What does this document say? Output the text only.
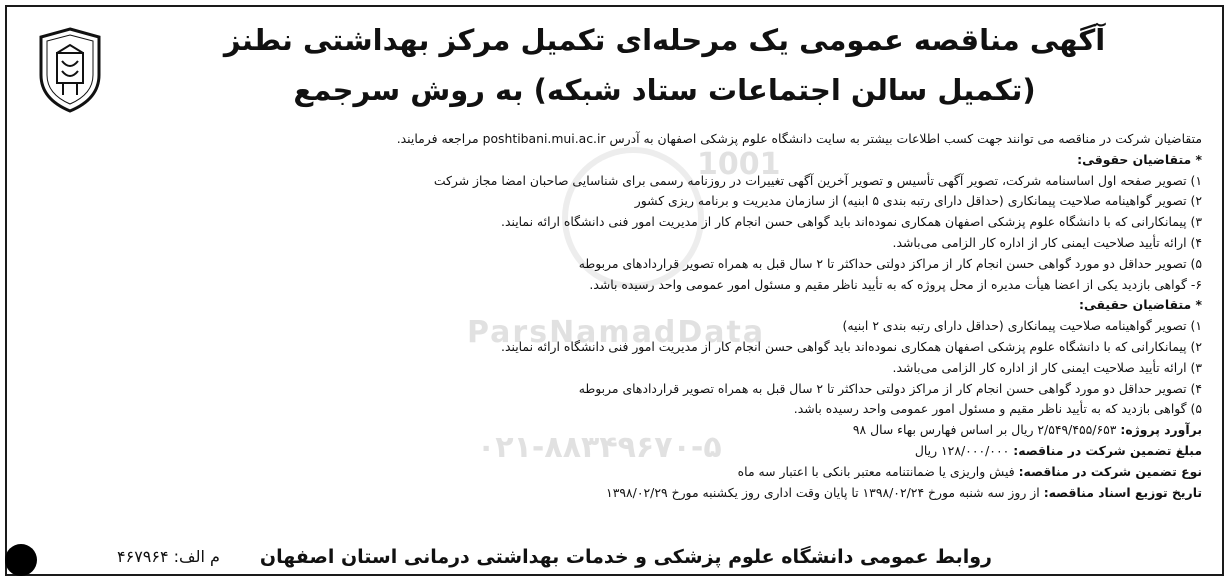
1001
ParsNamadData
۰۲۱-۸۸۳۴۹۶۷۰-۵
آگهی مناقصه عمومی یک مرحله‌ای تکمیل مرکز بهداشتی نطنز
(تکمیل سالن اجتماعات ستاد شبکه) به روش سرجمع
متقاضیان شرکت در مناقصه می توانند جهت کسب اطلاعات بیشتر به سایت دانشگاه علوم پزشکی اصفهان به آدرس poshtibani.mui.ac.ir مراجعه فرمایند.
* متقاضیان حقوقی:
۱) تصویر صفحه اول اساسنامه شرکت، تصویر آگهی تأسیس و تصویر آخرین آگهی تغییرات در روزنامه رسمی برای شناسایی صاحبان امضا مجاز شرکت
۲) تصویر گواهینامه صلاحیت پیمانکاری (حداقل دارای رتبه بندی ۵ ابنیه) از سازمان مدیریت و برنامه ریزی کشور
۳) پیمانکارانی که با دانشگاه علوم پزشکی اصفهان همکاری نموده‌اند باید گواهی حسن انجام کار از مدیریت امور فنی دانشگاه ارائه نمایند.
۴) ارائه تأیید صلاحیت ایمنی کار از اداره کار الزامی می‌باشد.
۵) تصویر حداقل دو مورد گواهی حسن انجام کار از مراکز دولتی حداکثر تا ۲ سال قبل به همراه تصویر قراردادهای مربوطه
۶- گواهی بازدید یکی از اعضا هیأت مدیره از محل پروژه که به تأیید ناظر مقیم و مسئول امور عمومی واحد رسیده باشد.
* متقاضیان حقیقی:
۱) تصویر گواهینامه صلاحیت پیمانکاری (حداقل دارای رتبه بندی ۲ ابنیه)
۲) پیمانکارانی که با دانشگاه علوم پزشکی اصفهان همکاری نموده‌اند باید گواهی حسن انجام کار از مدیریت امور فنی دانشگاه ارائه نمایند.
۳) ارائه تأیید صلاحیت ایمنی کار از اداره کار الزامی می‌باشد.
۴) تصویر حداقل دو مورد گواهی حسن انجام کار از مراکز دولتی حداکثر تا ۲ سال قبل به همراه تصویر قراردادهای مربوطه
۵) گواهی بازدید که به تأیید ناظر مقیم و مسئول امور عمومی واحد رسیده باشد.
برآورد پروژه: ۲/۵۴۹/۴۵۵/۶۵۳ ریال بر اساس فهارس بهاء سال ۹۸
مبلغ تضمین شرکت در مناقصه: ۱۲۸/۰۰۰/۰۰۰ ریال
نوع تضمین شرکت در مناقصه: فیش واریزی یا ضمانتنامه معتبر بانکی با اعتبار سه ماه
تاریخ توزیع اسناد مناقصه: از روز سه شنبه مورخ ۱۳۹۸/۰۲/۲۴ تا پایان وقت اداری روز یکشنبه مورخ ۱۳۹۸/۰۲/۲۹
روابط عمومی دانشگاه علوم پزشکی و خدمات بهداشتی درمانی استان اصفهان
م الف: ۴۶۷۹۶۴
